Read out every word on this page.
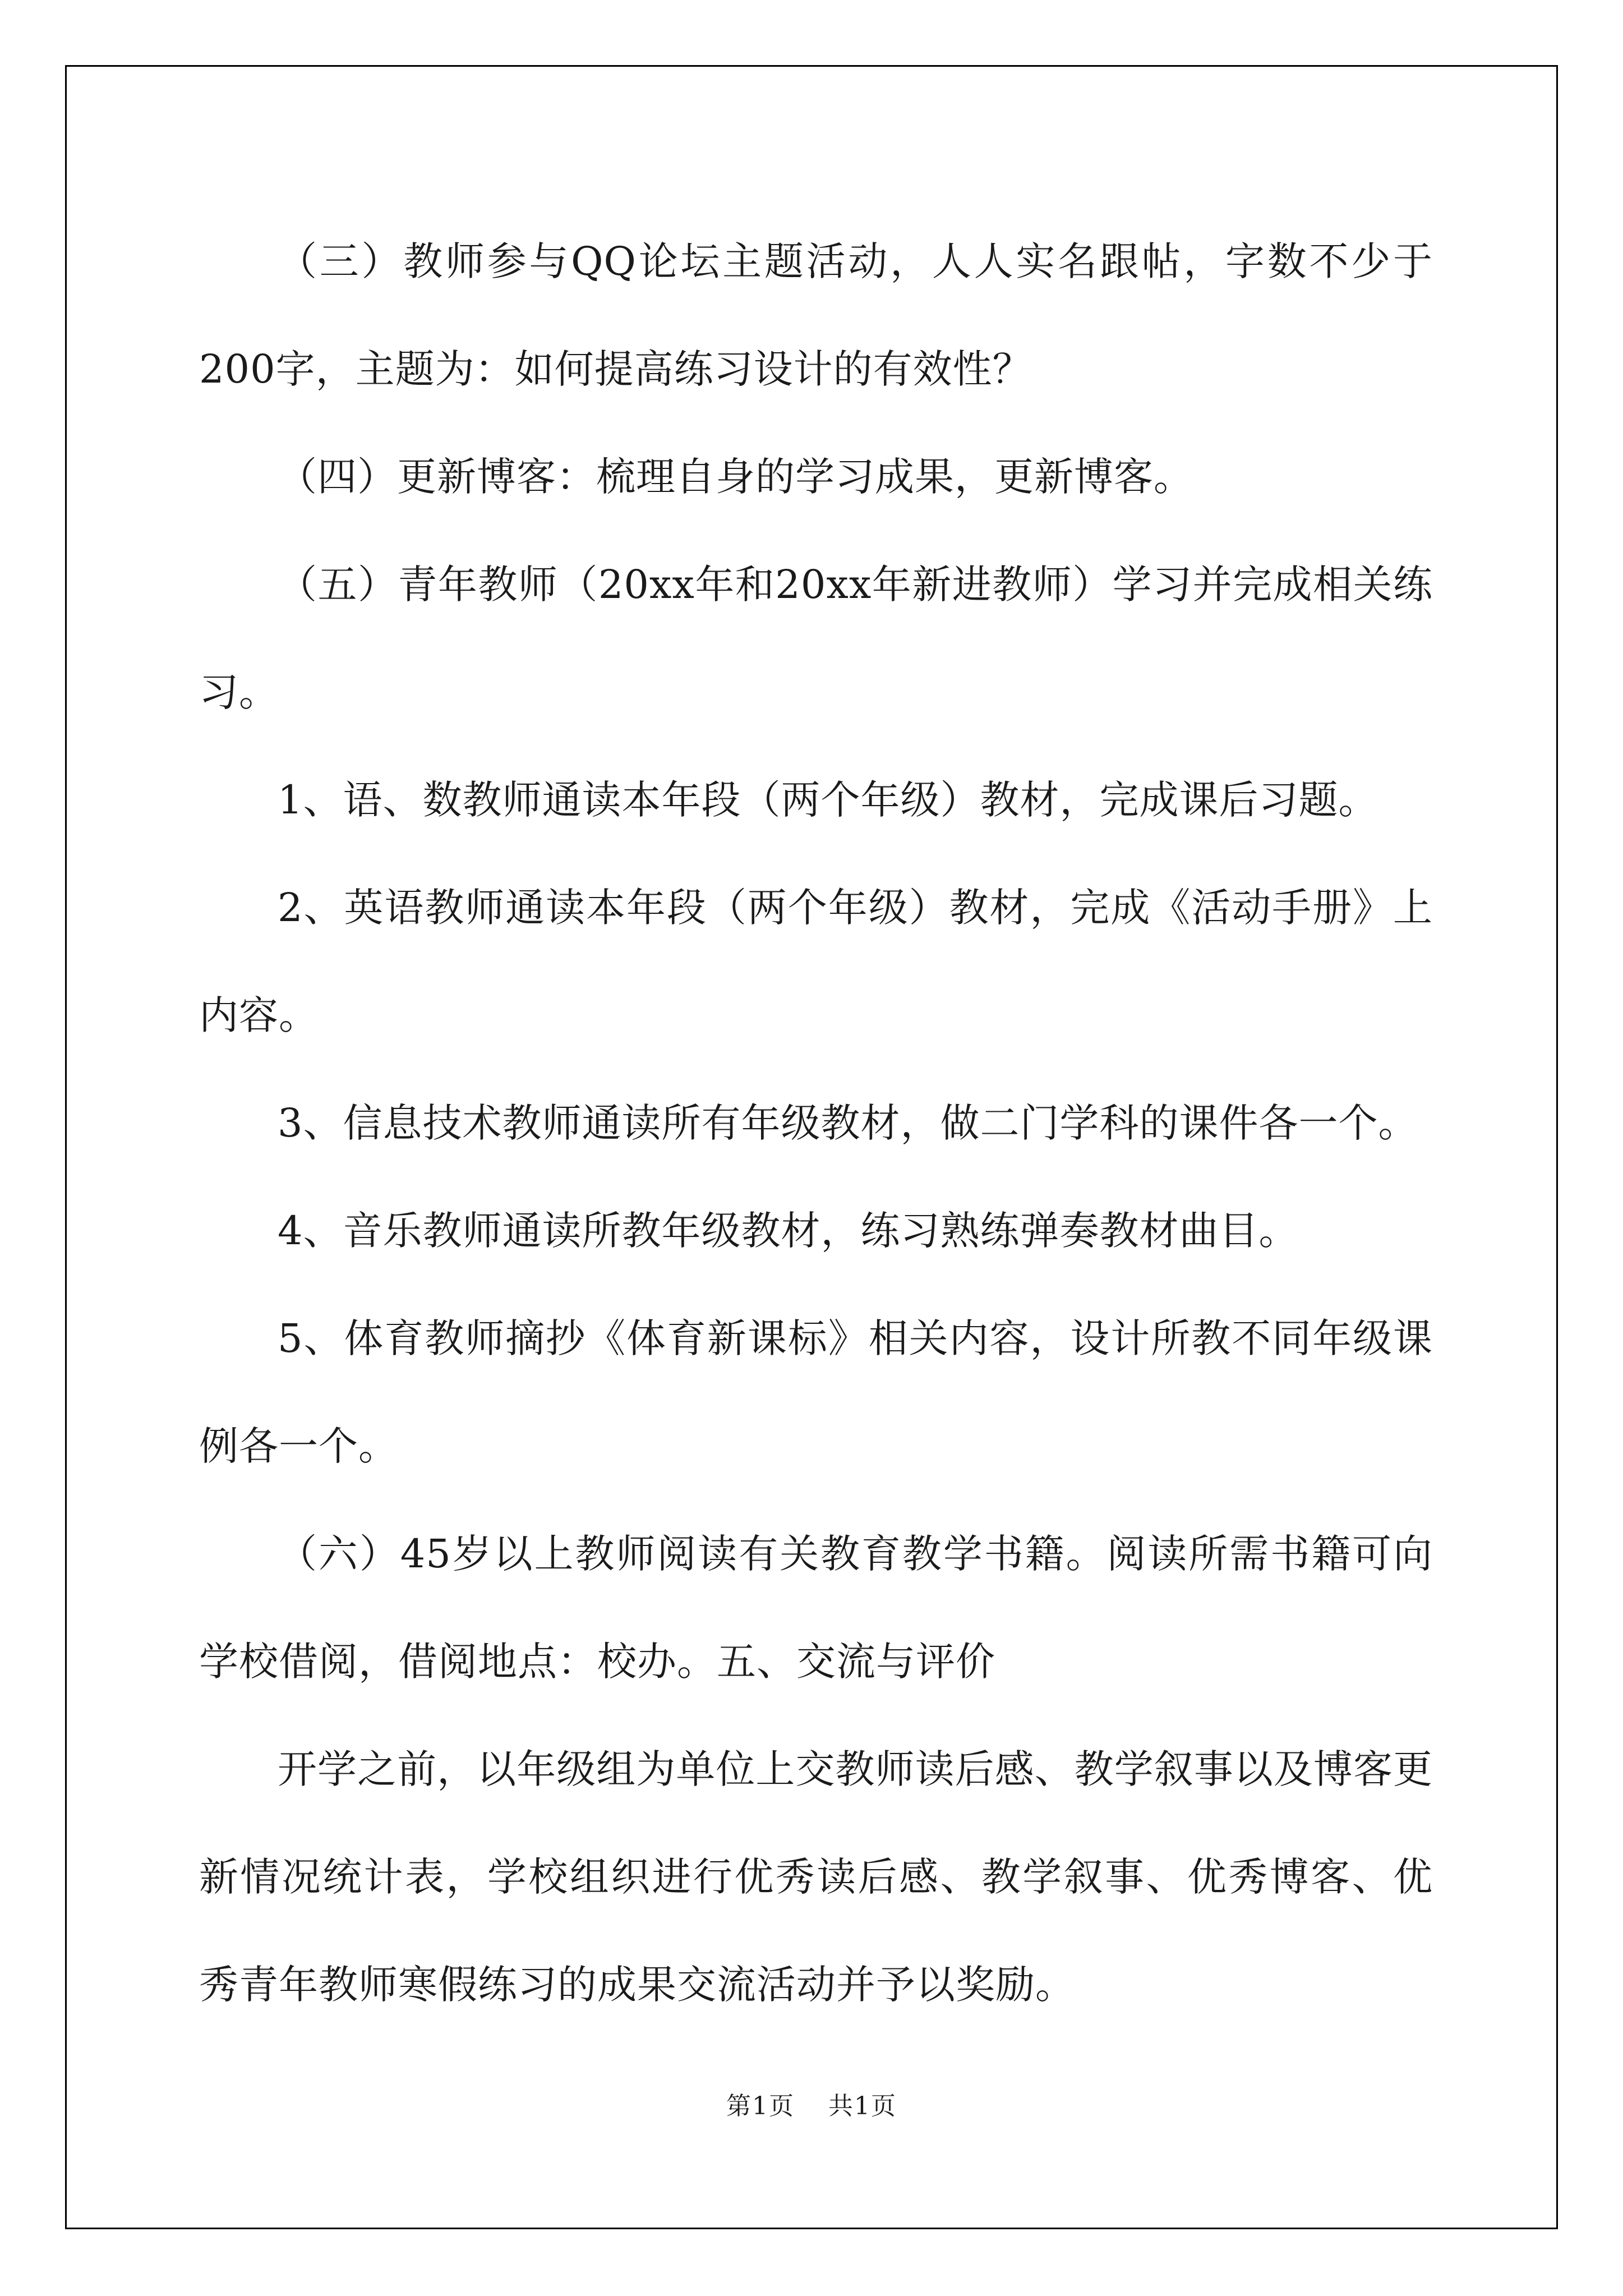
（三）教师参与QQ论坛主题活动，人人实名跟帖，字数不少于200字，主题为：如何提高练习设计的有效性？

（四）更新博客：梳理自身的学习成果，更新博客。

（五）青年教师（20xx年和20xx年新进教师）学习并完成相关练习。

1、语、数教师通读本年段（两个年级）教材，完成课后习题。

2、英语教师通读本年段（两个年级）教材，完成《活动手册》上内容。

3、信息技术教师通读所有年级教材，做二门学科的课件各一个。

4、音乐教师通读所教年级教材，练习熟练弹奏教材曲目。

5、体育教师摘抄《体育新课标》相关内容，设计所教不同年级课例各一个。

（六）45岁以上教师阅读有关教育教学书籍。阅读所需书籍可向学校借阅，借阅地点：校办。五、交流与评价

开学之前，以年级组为单位上交教师读后感、教学叙事以及博客更新情况统计表，学校组织进行优秀读后感、教学叙事、优秀博客、优秀青年教师寒假练习的成果交流活动并予以奖励。

第1页 共1页
